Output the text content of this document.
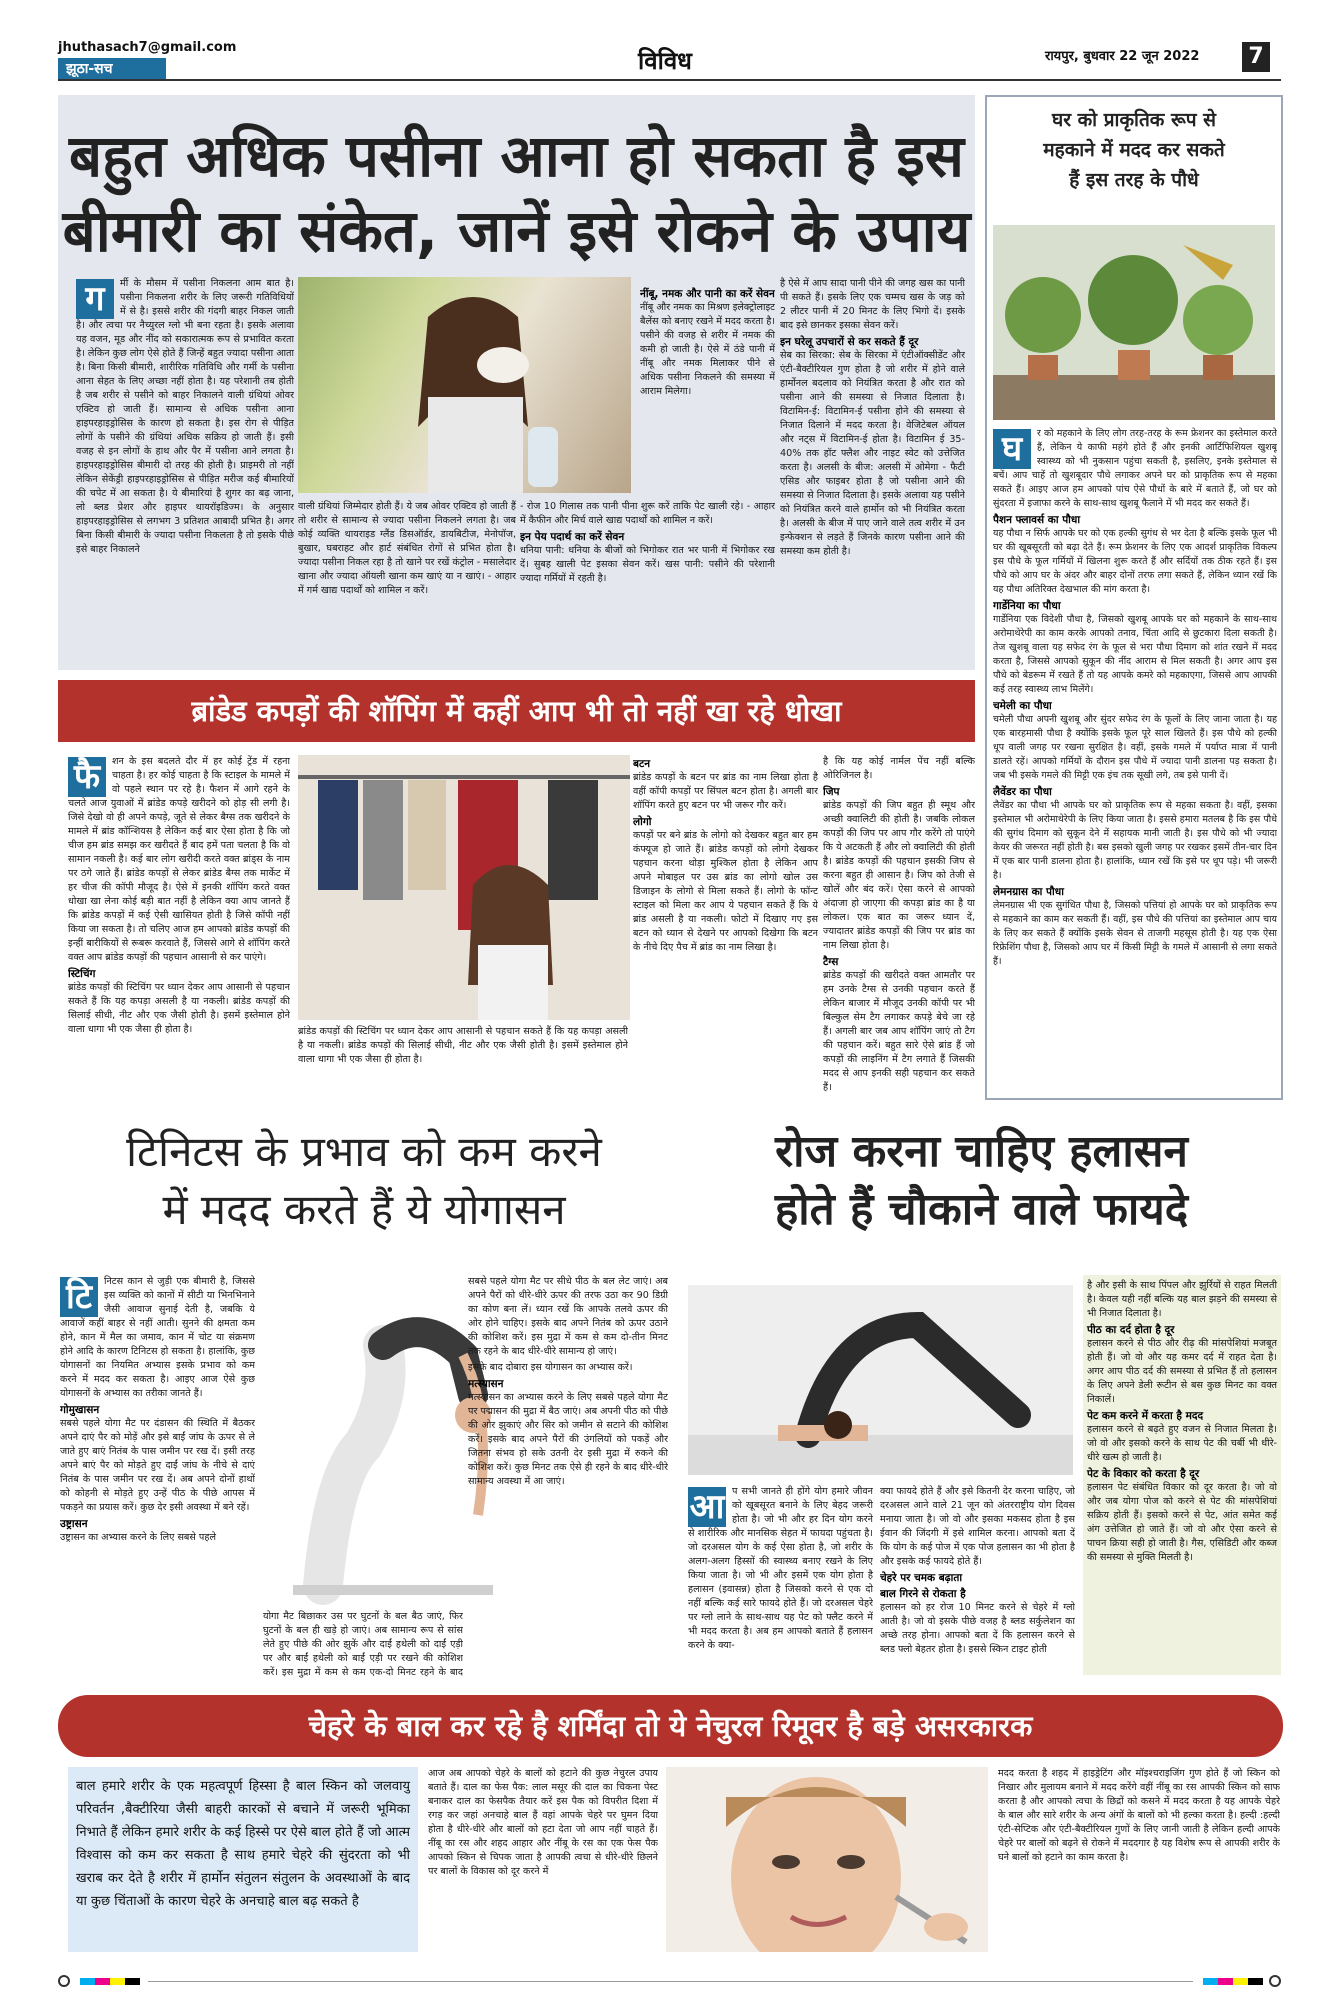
jhuthasach7@gmail.com
झूठा-सच	विविध	रायपुर, बुधवार 22 जून 2022 7
बहुत अधिक पसीना आना हो सकता है इस
बीमारी का संकेत, जानें इसे रोकने के उपाय
ग	र्मी के मौसम में पसीना निकलना आम बात है। पसीना निकलना शरीर के लिए जरूरी गतिविधियों में से है। इससे शरीर की गंदगी बाहर निकल जाती है। और त्वचा पर नैच्युरल ग्लो भी बना रहता है। इसके अलावा यह वजन, मूड और नींद को सकारात्मक रूप से प्रभावित करता है। लेकिन कुछ लोग ऐसे होते हैं जिन्हें बहुत ज्यादा पसीना आता है। बिना किसी बीमारी, शारीरिक गतिविधि और गर्मी के पसीना आना सेहत के लिए अच्छा नहीं होता है। यह परेशानी तब होती है जब शरीर से पसीने को बाहर निकालने वाली ग्रंथियां ओवर एक्टिव हो जाती हैं। सामान्य से अधिक पसीना आना हाइपरहाइड्रोसिस के कारण हो सकता है। इस रोग से पीड़ित लोगों के पसीने की ग्रंथियां अधिक सक्रिय हो जाती हैं। इसी वजह से इन लोगों के हाथ और पैर में पसीना आने लगता है। हाइपरहाइड्रोसिस बीमारी दो तरह की होती है। प्राइमरी तो नहीं लेकिन सेकेंड्री हाइपरहाइड्रोसिस से पीड़ित मरीज कई बीमारियों की चपेट में आ सकता है। ये बीमारियां है शुगर का बढ़ जाना, लो ब्लड प्रेशर और हाइपर थायरॉइडिज्म। के अनुसार हाइपरहाइड्रोसिस से लगभग 3 प्रतिशत आबादी प्रभित है। अगर बिना किसी बीमारी के ज्यादा पसीना निकलता है तो इसके पीछे इसे बाहर निकालने
नींबू, नमक और पानी का करें सेवन

नींबू और नमक का मिश्रण इलेक्ट्रोलाइट बैलेंस को बनाए रखने में मदद करता है। पसीने की वजह से शरीर में नमक की कमी हो जाती है। ऐसे में ठंडे पानी में नींबू और नमक मिलाकर पीने से अधिक पसीना निकलने की समस्या में आराम मिलेगा।

वाली ग्रंथियां जिम्मेदार होती हैं। ये जब ओवर एक्टिव हो जाती हैं तो शरीर से सामान्य से ज्यादा पसीना निकलने लगता है। जब कोई व्यक्ति थायराइड ग्लैंड डिसऑर्डर, डायबिटीज, मेनोपॉज, बुखार, घबराहट और हार्ट संबंधित रोगों से प्रभित होता है। ज्यादा पसीना निकल रहा है तो खाने पर रखें कंट्रोल - मसालेदार खाना और ज्यादा ऑयली खाना कम खाएं या न खाएं। - आहार में गर्म खाद्य पदार्थों को शामिल न करें।

- रोज 10 गिलास तक पानी पीना शुरू करें ताकि पेट खाली रहे। - आहार में कैफीन और मिर्च वाले खाद्य पदार्थों को शामिल न करें।

इन पेय पदार्थ का करें सेवन

धनिया पानी: धनिया के बीजों को भिगोकर रात भर पानी में भिगोकर रख दें। सुबह खाली पेट इसका सेवन करें। खस पानी: पसीने की परेशानी ज्यादा गर्मियों में रहती है।

है ऐसे में आप सादा पानी पीने की जगह खस का पानी पी सकते हैं। इसके लिए एक चम्मच खस के जड़ को 2 लीटर पानी में 20 मिनट के लिए भिगो दें। इसके बाद इसे छानकर इसका सेवन करें।

इन घरेलू उपचारों से कर सकते हैं दूर

सेब का सिरका: सेब के सिरका में एंटीऑक्सीडेंट और एंटी-बैक्टीरियल गुण होता है जो शरीर में होने वाले हार्मोनल बदलाव को नियंत्रित करता है और रात को पसीना आने की समस्या से निजात दिलाता है। विटामिन-ई: विटामिन-ई पसीना होने की समस्या से निजात दिलाने में मदद करता है। वेजिटेबल ऑयल और नट्स में विटामिन-ई होता है। विटामिन ई 35-40% तक हॉट फ्लैश और नाइट स्वेट को उत्तेजित करता है। अलसी के बीज: अलसी में ओमेगा - फैटी एसिड और फाइबर होता है जो पसीना आने की समस्या से निजात दिलाता है। इसके अलावा यह पसीने को नियंत्रित करने वाले हार्मोन को भी नियंत्रित करता है। अलसी के बीज में पाए जाने वाले तत्व शरीर में उन इन्फेक्शन से लड़ते हैं जिनके कारण पसीना आने की समस्या कम होती है।

घर को प्राकृतिक रूप से
महकाने में मदद कर सकते
हैं इस तरह के पौधे
घ	र को महकाने के लिए लोग तरह-तरह के रूम फ्रेशनर का इस्तेमाल करते हैं, लेकिन ये काफी महंगे होते हैं और इनकी आर्टिफिशियल खुशबू स्वास्थ्य को भी नुकसान पहुंचा सकती है, इसलिए, इनके इस्तेमाल से बचें। आप चाहें तो खुशबूदार पौधे लगाकर अपने घर को प्राकृतिक रूप से महका सकते हैं। आइए आज हम आपको पांच ऐसे पौधों के बारे में बताते हैं, जो घर को सुंदरता में इजाफा करने के साथ-साथ खुशबू फैलाने में भी मदद कर सकते हैं।

पैशन फ्लावर्स का पौधा

यह पौधा न सिर्फ आपके घर को एक हल्की सुगंध से भर देता है बल्कि इसके फूल भी घर की खूबसूरती को बढ़ा देते हैं। रूम फ्रेशनर के लिए एक आदर्श प्राकृतिक विकल्प इस पौधे के फूल गर्मियों में खिलना शुरू करते हैं और सर्दियों तक ठीक रहते हैं। इस पौधे को आप घर के अंदर और बाहर दोनों तरफ लगा सकते हैं, लेकिन ध्यान रखें कि यह पौधा अतिरिक्त देखभाल की मांग करता है।

गार्डेनिया का पौधा

गार्डेनिया एक विदेशी पौधा है, जिसको खुशबू आपके घर को महकाने के साथ-साथ अरोमाथेरेपी का काम करके आपको तनाव, चिंता आदि से छुटकारा दिला सकती है। तेज खुशबू वाला यह सफेद रंग के फूल से भरा पौधा दिमाग को शांत रखने में मदद करता है, जिससे आपको सुकून की नींद आराम से मिल सकती है। अगर आप इस पौधे को बेडरूम में रखते हैं तो यह आपके कमरे को महकाएगा, जिससे आप आपकी कई तरह स्वास्थ्य लाभ मिलेंगे।

चमेली का पौधा

चमेली पौधा अपनी खुशबू और सुंदर सफेद रंग के फूलों के लिए जाना जाता है। यह एक बारहमासी पौधा है क्योंकि इसके फूल पूरे साल खिलते हैं। इस पौधे को हल्की धूप वाली जगह पर रखना सुरक्षित है। वहीं, इसके गमले में पर्याप्त मात्रा में पानी डालते रहें। आपको गर्मियों के दौरान इस पौधे में ज्यादा पानी डालना पड़ सकता है। जब भी इसके गमले की मिट्टी एक इंच तक सूखी लगे, तब इसे पानी दें।

लैवेंडर का पौधा

लैवेंडर का पौधा भी आपके घर को प्राकृतिक रूप से महका सकता है। वहीं, इसका इस्तेमाल भी अरोमाथेरेपी के लिए किया जाता है। इससे हमारा मतलब है कि इस पौधे की सुगंध दिमाग को सुकून देने में सहायक मानी जाती है। इस पौधे को भी ज्यादा केयर की जरूरत नहीं होती है। बस इसको खुली जगह पर रखकर इसमें तीन-चार दिन में एक बार पानी डालना होता है। हालांकि, ध्यान रखें कि इसे पर धूप पड़े। भी जरूरी है।

लेमनग्रास का पौधा

लेमनग्रास भी एक सुगंधित पौधा है, जिसको पत्तियां हो आपके घर को प्राकृतिक रूप से महकाने का काम कर सकती हैं। वहीं, इस पौधे की पत्तियां का इस्तेमाल आप चाय के लिए कर सकते हैं क्योंकि इसके सेवन से ताजगी महसूस होती है। यह एक ऐसा रिफ्रेशिंग पौधा है, जिसको आप घर में किसी मिट्टी के गमले में आसानी से लगा सकते हैं।

ब्रांडेड कपड़ों की शॉपिंग में कहीं आप भी तो नहीं खा रहे धोखा
फै	शन के इस बदलते दौर में हर कोई ट्रेंड में रहना चाहता है। हर कोई चाहता है कि स्टाइल के मामले में वो पहले स्थान पर रहे है। फैशन में आगे रहने के चलते आज युवाओं में ब्रांडेड कपड़े खरीदने को होड़ सी लगी है। जिसे देखो वो ही अपने कपड़े, जूते से लेकर बैग्स तक खरीदने के मामले में ब्रांड कॉन्शियस है लेकिन कई बार ऐसा होता है कि जो चीज हम ब्रांड समझ कर खरीदते हैं बाद हमें पता चलता है कि वो सामान नकली है। कई बार लोग खरीदी करते वक्त ब्रांड्स के नाम पर ठगे जाते हैं। ब्रांडेड कपड़ों से लेकर ब्रांडेड बैग्स तक मार्केट में हर चीज की कॉपी मौजूद है। ऐसे में इनकी शॉपिंग करते वक्त धोखा खा लेना कोई बड़ी बात नहीं है लेकिन क्या आप जानते हैं कि ब्रांडेड कपड़ों में कई ऐसी खासियत होती है जिसे कॉपी नहीं किया जा सकता है। तो चलिए आज हम आपको ब्रांडेड कपड़ों की इन्हीं बारीकियों से रूबरू करवाते हैं, जिससे आगे से शॉपिंग करते वक्त आप ब्रांडेड कपड़ों की पहचान आसानी से कर पाएंगे।
स्टिचिंग

ब्रांडेड कपड़ों की स्टिचिंग पर ध्यान देकर आप आसानी से पहचान सकते हैं कि यह कपड़ा असली है या नकली। ब्रांडेड कपड़ों की सिलाई सीधी, नीट और एक जैसी होती है। इसमें इस्तेमाल होने वाला धागा भी एक जैसा ही होता है।	ब्रांडेड कपड़ों की स्टिचिंग पर ध्यान देकर आप आसानी से पहचान सकते हैं कि यह कपड़ा असली है या नकली। ब्रांडेड कपड़ों की सिलाई सीधी, नीट और एक जैसी होती है। इसमें इस्तेमाल होने वाला धागा भी एक जैसा ही होता है।

बटन

ब्रांडेड कपड़ों के बटन पर ब्रांड का नाम लिखा होता है वहीं कॉपी कपड़ों पर सिंपल बटन होता है। अगली बार शॉपिंग करते हुए बटन पर भी जरूर गौर करें।

लोगो

कपड़ों पर बने ब्रांड के लोगो को देखकर बहुत बार हम कंफ्यूज हो जाते हैं। ब्रांडेड कपड़ों को लोगो देखकर पहचान करना थोड़ा मुश्किल होता है लेकिन आप अपने मोबाइल पर उस ब्रांड का लोगो खोल उस डिजाइन के लोगो से मिला सकते हैं। लोगो के फॉन्ट स्टाइल को मिला कर आप ये पहचान सकते हैं कि ये ब्रांड असली है या नकली। फोटो में दिखाए गए इस बटन को ध्यान से देखने पर आपको दिखेगा कि बटन के नीचे दिए पैच में ब्रांड का नाम लिखा है।

है कि यह कोई नार्मल पेंच नहीं बल्कि ओरिजिनल है।

जिप

ब्रांडेड कपड़ों की जिप बहुत ही स्मूथ और अच्छी क्वालिटी की होती है। जबकि लोकल कपड़ों की जिप पर आप गौर करेंगे तो पाएंगे कि ये अटकती हैं और लो क्वालिटी की होती है। ब्रांडेड कपड़ों की पहचान इसकी जिप से करना बहुत ही आसान है। जिप को तेजी से खोलें और बंद करें। ऐसा करने से आपको अंदाजा हो जाएगा की कपड़ा ब्रांड का है या लोकल। एक बात का जरूर ध्यान दें, ज्यादातर ब्रांडेड कपड़ों की जिप पर ब्रांड का नाम लिखा होता है।

टैग्स

ब्रांडेड कपड़ों की खरीदते वक्त आमतौर पर हम उनके टैग्स से उनकी पहचान करते हैं लेकिन बाजार में मौजूद उनकी कॉपी पर भी बिल्कुल सेम टैग लगाकर कपड़े बेचे जा रहे हैं। अगली बार जब आप शॉपिंग जाएं तो टैग की पहचान करें। बहुत सारे ऐसे ब्रांड हैं जो कपड़ों की लाइनिंग में टैग लगाते हैं जिसकी मदद से आप इनकी सही पहचान कर सकते हैं।

टिनिटस के प्रभाव को कम करने
में मदद करते हैं ये योगासन
टि	निटस कान से जुड़ी एक बीमारी है, जिससे इस व्यक्ति को कानों में सीटी या भिनभिनाने जैसी आवाज सुनाई देती है, जबकि ये आवाजें कहीं बाहर से नहीं आती। सुनने की क्षमता कम होने, कान में मैल का जमाव, कान में चोट या संक्रमण होने आदि के कारण टिनिटस हो सकता है। हालांकि, कुछ योगासनों का नियमित अभ्यास इसके प्रभाव को कम करने में मदद कर सकता है। आइए आज ऐसे कुछ योगासनों के अभ्यास का तरीका जानते हैं।
गोमुखासन

सबसे पहले योगा मैट पर दंडासन की स्थिति में बैठकर अपने दाएं पैर को मोड़ें और इसे बाईं जांघ के ऊपर से ले जाते हुए बाएं नितंब के पास जमीन पर रख दें। इसी तरह अपने बाएं पैर को मोड़ते हुए दाईं जांघ के नीचे से दाएं नितंब के पास जमीन पर रख दें। अब अपने दोनों हाथों को कोहनी से मोड़ते हुए उन्हें पीठ के पीछे आपस में पकड़ने का प्रयास करें। कुछ देर इसी अवस्था में बने रहें।

उष्ट्रासन

उष्ट्रासन का अभ्यास करने के लिए सबसे पहले

योगा मैट बिछाकर उस पर घुटनों के बल बैठ जाएं, फिर घुटनों के बल ही खड़े हो जाएं। अब सामान्य रूप से सांस लेते हुए पीछे की ओर झुकें और दाईं हथेली को दाईं एड़ी पर और बाईं हथेली को बाईं एड़ी पर रखने की कोशिश करें। इस मुद्रा में कम से कम एक-दो मिनट रहने के बाद

सबसे पहले योगा मैट पर सीधे पीठ के बल लेट जाएं। अब अपने पैरों को धीरे-धीरे ऊपर की तरफ उठा कर 90 डिग्री का कोण बना लें। ध्यान रखें कि आपके तलवे ऊपर की ओर होने चाहिए। इसके बाद अपने नितंब को ऊपर उठाने की कोशिश करें। इस मुद्रा में कम से कम दो-तीन मिनट तक रहने के बाद धीरे-धीरे सामान्य हो जाएं।

इसके बाद दोबारा इस योगासन का अभ्यास करें।

मत्स्यासन

मत्स्यासन का अभ्यास करने के लिए सबसे पहले योगा मैट पर पद्मासन की मुद्रा में बैठ जाएं। अब अपनी पीठ को पीछे की ओर झुकाएं और सिर को जमीन से सटाने की कोशिश करें। इसके बाद अपने पैरों की उंगलियों को पकड़ें और जितना संभव हो सके उतनी देर इसी मुद्रा में रुकने की कोशिश करें। कुछ मिनट तक ऐसे ही रहने के बाद धीरे-धीरे सामान्य अवस्था में आ जाएं।

रोज करना चाहिए हलासन
होते हैं चौकाने वाले फायदे
आ प सभी जानते ही होंगे योग हमारे जीवन को खूबसूरत बनाने के लिए बेहद जरूरी होता है। जो भी और हर दिन योग करने से शारीरिक और मानसिक सेहत में फायदा पहुंचता है। जो दरअसल योग के कई ऐसा होता है, जो शरीर के अलग-अलग हिस्सों की स्वास्थ्य बनाए रखने के लिए किया जाता है। जो भी और इसमें एक योग होता है हलासन (इवासन्न) होता है जिसको करने से एक दो नहीं बल्कि कई सारे फायदे होते हैं। जो दरअसल चेहरे पर ग्लो लाने के साथ-साथ यह पेट को फ्लैट करने में भी मदद करता है। अब हम आपको बताते हैं हलासन करने के क्या-

क्या फायदे होते हैं और इसे कितनी देर करना चाहिए, जो दरअसल आने वाले 21 जून को अंतरराष्ट्रीय योग दिवस मनाया जाता है। जो वो और इसका मकसद होता है इस ईवान की जिंदगी में इसे शामिल करना। आपको बता दें कि योग के कई पोज में एक पोज हलासन का भी होता है और इसके कई फायदे होते हैं।

चेहरे पर चमक बढ़ाता
बाल गिरने से रोकता है

हलासन को हर रोज 10 मिनट करने से चेहरे में ग्लो आती है। जो वो इसके पीछे वजह है ब्लड सर्कुलेशन का अच्छे तरह होना। आपको बता दें कि हलासन करने से ब्लड फ्लो बेहतर होता है। इससे स्किन टाइट होती

है और इसी के साथ पिंपल और झुर्रियों से राहत मिलती है। केवल यही नहीं बल्कि यह बाल झड़ने की समस्या से भी निजात दिलाता है।

पीठ का दर्द होता है दूर

हलासन करने से पीठ और रीढ़ की मांसपेशियां मजबूत होती हैं। जो वो और यह कमर दर्द में राहत देता है। अगर आप पीठ दर्द की समस्या से प्रभित हैं तो हलासन के लिए अपने डेली रूटीन से बस कुछ मिनट का वक्त निकालें।

पेट कम करने में करता है मदद

हलासन करने से बढ़ते हुए वजन से निजात मिलता है। जो वो और इसको करने के साथ पेट की चर्बी भी धीरे-धीरे खत्म हो जाती है।

पेट के विकार को करता है दूर

हलासन पेट संबंधित विकार को दूर करता है। जो वो और जब योगा पोज को करने से पेट की मांसपेशियां सक्रिय होती हैं। इसको करने से पेट, आंत समेत कई अंग उत्तेजित हो जाते हैं। जो वो और ऐसा करने से पाचन क्रिया सही हो जाती है। गैस, एसिडिटी और कब्ज की समस्या से मुक्ति मिलती है।

चेहरे के बाल कर रहे है शर्मिंदा तो ये नेचुरल रिमूवर है बड़े असरकारक
बाल हमारे शरीर के एक महत्वपूर्ण हिस्सा है बाल स्किन को जलवायु परिवर्तन ,बैक्टीरिया जैसी बाहरी कारकों से बचाने में जरूरी भूमिका निभाते हैं लेकिन हमारे शरीर के कई हिस्से पर ऐसे बाल होते हैं जो आत्म विश्वास को कम कर सकता है साथ हमारे चेहरे की सुंदरता को भी खराब कर देते है शरीर में हार्मोन संतुलन संतुलन के अवस्थाओं के बाद या कुछ चिंताओं के कारण चेहरे के अनचाहे बाल बढ़ सकते है

आज अब आपको चेहरे के बालों को हटाने की कुछ नेचुरल उपाय बताते हैं। दाल का फेस पैक: लाल मसूर की दाल का चिकना पेस्ट बनाकर दाल का फेसपैक तैयार करें इस पैक को विपरीत दिशा में रगड़ कर जहां अनचाहे बाल हैं वहां आपके चेहरे पर घुमन दिया होता है धीरे-धीरे और बालों को हटा देता जो आप नहीं चाहते हैं। नींबू का रस और शहद आहार और नींबू के रस का एक फेस पैक आपको स्किन से चिपक जाता है आपकी त्वचा से धीरे-धीरे छिलने पर बालों के विकास को दूर करने में

मदद करता है शहद में हाइड्रेटिंग और मॉइश्चराइजिंग गुण होते हैं जो स्किन को निखार और मुलायम बनाने में मदद करेंगे वहीं नींबू का रस आपकी स्किन को साफ करता है और आपको त्वचा के छिद्रों को कसने में मदद करता है यह आपके चेहरे के बाल और सारे शरीर के अन्य अंगों के बालों को भी हल्का करता है। हल्दी :हल्दी एंटी-सेप्टिक और एंटी-बैक्टीरियल गुणों के लिए जानी जाती है लेकिन हल्दी आपके चेहरे पर बालों को बढ़ने से रोकने में मददगार है यह विशेष रूप से आपकी शरीर के घने बालों को हटाने का काम करता है।
